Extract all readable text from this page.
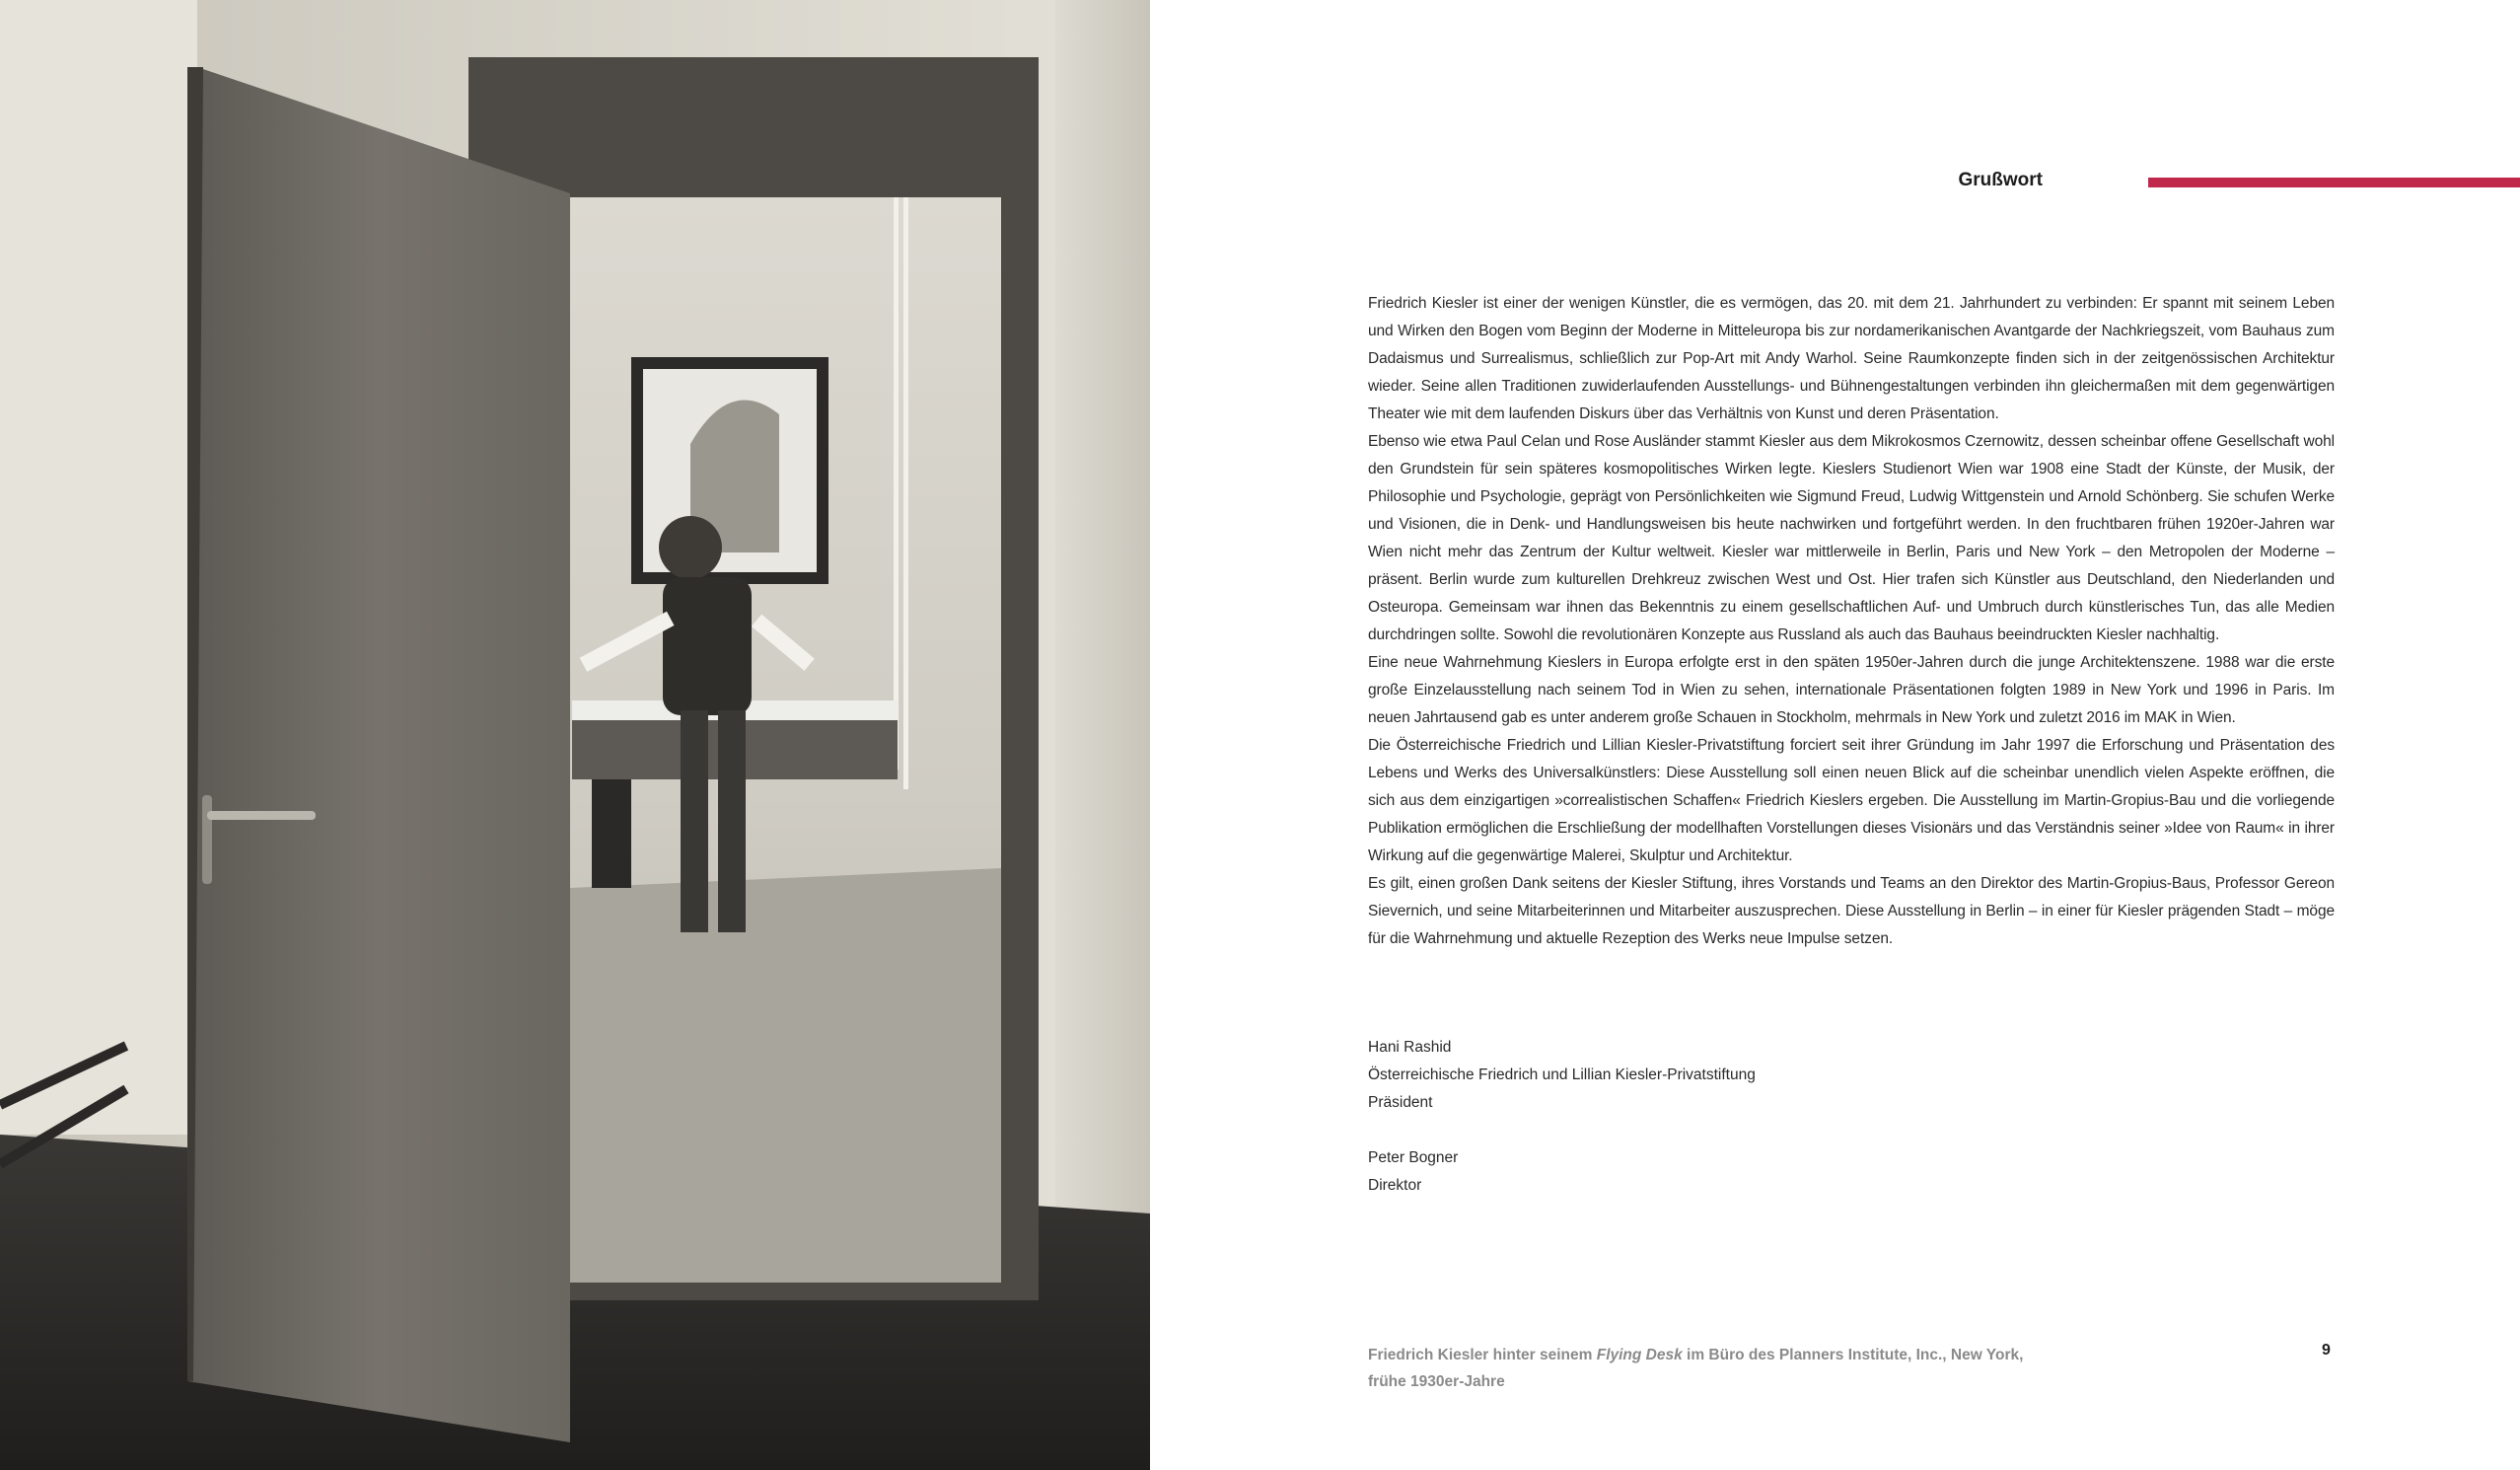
Grußwort

Friedrich Kiesler ist einer der wenigen Künstler, die es vermögen, das 20. mit dem 21. Jahrhundert zu verbinden: Er spannt mit seinem Leben und Wirken den Bogen vom Beginn der Moderne in Mitteleuropa bis zur nordamerikanischen Avantgarde der Nachkriegszeit, vom Bauhaus zum Dadaismus und Surrealismus, schließlich zur Pop-Art mit Andy Warhol. Seine Raumkonzepte finden sich in der zeitgenössischen Architektur wieder. Seine allen Traditionen zuwiderlaufenden Ausstellungs- und Bühnengestaltungen verbinden ihn gleichermaßen mit dem gegenwärtigen Theater wie mit dem laufenden Diskurs über das Verhältnis von Kunst und deren Präsentation.

Ebenso wie etwa Paul Celan und Rose Ausländer stammt Kiesler aus dem Mikrokosmos Czernowitz, dessen scheinbar offene Gesellschaft wohl den Grundstein für sein späteres kosmopolitisches Wirken legte. Kieslers Studienort Wien war 1908 eine Stadt der Künste, der Musik, der Philosophie und Psychologie, geprägt von Persönlichkeiten wie Sigmund Freud, Ludwig Wittgenstein und Arnold Schönberg. Sie schufen Werke und Visionen, die in Denk- und Handlungsweisen bis heute nachwirken und fortgeführt werden. In den fruchtbaren frühen 1920er-Jahren war Wien nicht mehr das Zentrum der Kultur weltweit. Kiesler war mittlerweile in Berlin, Paris und New York – den Metropolen der Moderne – präsent. Berlin wurde zum kulturellen Drehkreuz zwischen West und Ost. Hier trafen sich Künstler aus Deutschland, den Niederlanden und Osteuropa. Gemeinsam war ihnen das Bekenntnis zu einem gesellschaftlichen Auf- und Umbruch durch künstlerisches Tun, das alle Medien durchdringen sollte. Sowohl die revolutionären Konzepte aus Russland als auch das Bauhaus beeindruckten Kiesler nachhaltig.

Eine neue Wahrnehmung Kieslers in Europa erfolgte erst in den späten 1950er-Jahren durch die junge Architektenszene. 1988 war die erste große Einzelausstellung nach seinem Tod in Wien zu sehen, internationale Präsentationen folgten 1989 in New York und 1996 in Paris. Im neuen Jahrtausend gab es unter anderem große Schauen in Stockholm, mehrmals in New York und zuletzt 2016 im MAK in Wien.

Die Österreichische Friedrich und Lillian Kiesler-Privatstiftung forciert seit ihrer Gründung im Jahr 1997 die Erforschung und Präsentation des Lebens und Werks des Universalkünstlers: Diese Ausstellung soll einen neuen Blick auf die scheinbar unendlich vielen Aspekte eröffnen, die sich aus dem einzigartigen »correalistischen Schaffen« Friedrich Kieslers ergeben. Die Ausstellung im Martin-Gropius-Bau und die vorliegende Publikation ermöglichen die Erschließung der modellhaften Vorstellungen dieses Visionärs und das Verständnis seiner »Idee von Raum« in ihrer Wirkung auf die gegenwärtige Malerei, Skulptur und Architektur.

Es gilt, einen großen Dank seitens der Kiesler Stiftung, ihres Vorstands und Teams an den Direktor des Martin-Gropius-Baus, Professor Gereon Sievernich, und seine Mitarbeiterinnen und Mitarbeiter auszusprechen. Diese Ausstellung in Berlin – in einer für Kiesler prägenden Stadt – möge für die Wahrnehmung und aktuelle Rezeption des Werks neue Impulse setzen.

Hani Rashid
Österreichische Friedrich und Lillian Kiesler-Privatstiftung
Präsident
Peter Bogner
Direktor
Friedrich Kiesler hinter seinem Flying Desk im Büro des Planners Institute, Inc., New York,
frühe 1930er-Jahre
9
